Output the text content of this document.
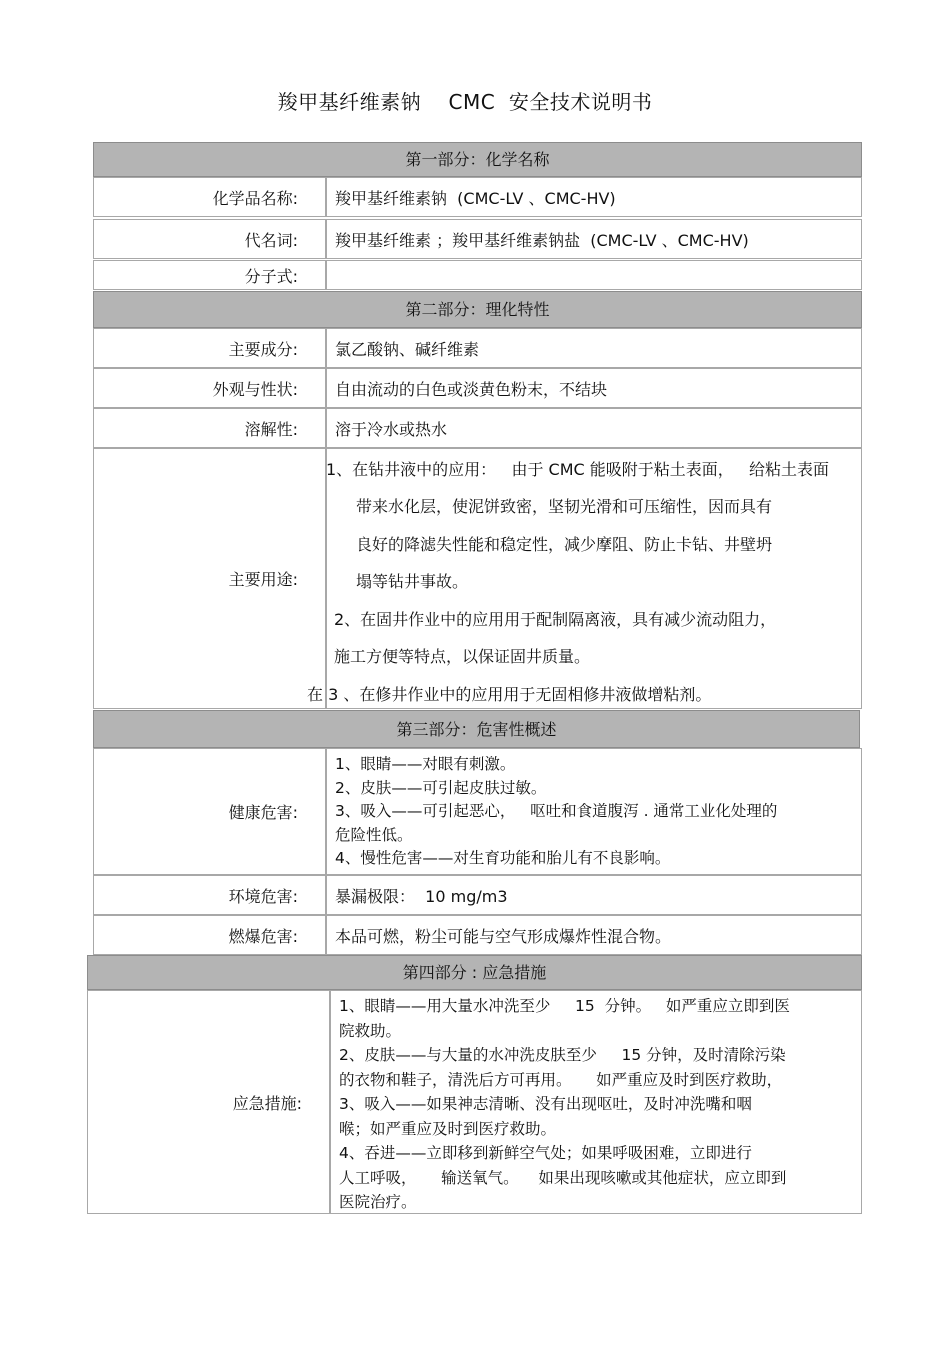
羧甲基纤维素钠    CMC  安全技术说明书
第一部分：化学名称
化学品名称:	羧甲基纤维素钠  (CMC-LV 、CMC-HV)
代名词:	羧甲基纤维素 ；羧甲基纤维素钠盐  (CMC-LV 、CMC-HV)
分子式:
第二部分：理化特性
主要成分:	氯乙酸钠、碱纤维素
外观与性状:	自由流动的白色或淡黄色粉末，不结块
溶解性:	溶于冷水或热水
主要用途:
1、在钻井液中的应用：   由于 CMC 能吸附于粘土表面，   给粘土表面
带来水化层，使泥饼致密，坚韧光滑和可压缩性，因而具有
良好的降滤失性能和稳定性，减少摩阻、防止卡钻、井壁坍
塌等钻井事故。
2、在固井作业中的应用用于配制隔离液，具有减少流动阻力，
施工方便等特点，以保证固井质量。
在 3 、在修井作业中的应用用于无固相修井液做增粘剂。
第三部分：危害性概述
健康危害:
1、眼睛——对眼有刺激。
2、皮肤——可引起皮肤过敏。
3、吸入——可引起恶心，   呕吐和食道腹泻 . 通常工业化处理的
危险性低。
4、慢性危害——对生育功能和胎儿有不良影响。
环境危害:	暴漏极限：  10 mg/m3
燃爆危害:	本品可燃，粉尘可能与空气形成爆炸性混合物。
第四部分 : 应急措施
应急措施:
1、眼睛——用大量水冲洗至少     15  分钟。   如严重应立即到医
院救助。
2、皮肤——与大量的水冲洗皮肤至少     15 分钟，及时清除污染
的衣物和鞋子，清洗后方可再用。     如严重应及时到医疗救助，
3、吸入——如果神志清晰、没有出现呕吐，及时冲洗嘴和咽
喉；如严重应及时到医疗救助。
4、吞进——立即移到新鲜空气处；如果呼吸困难，立即进行
人工呼吸，     输送氧气。    如果出现咳嗽或其他症状，应立即到
医院治疗。
